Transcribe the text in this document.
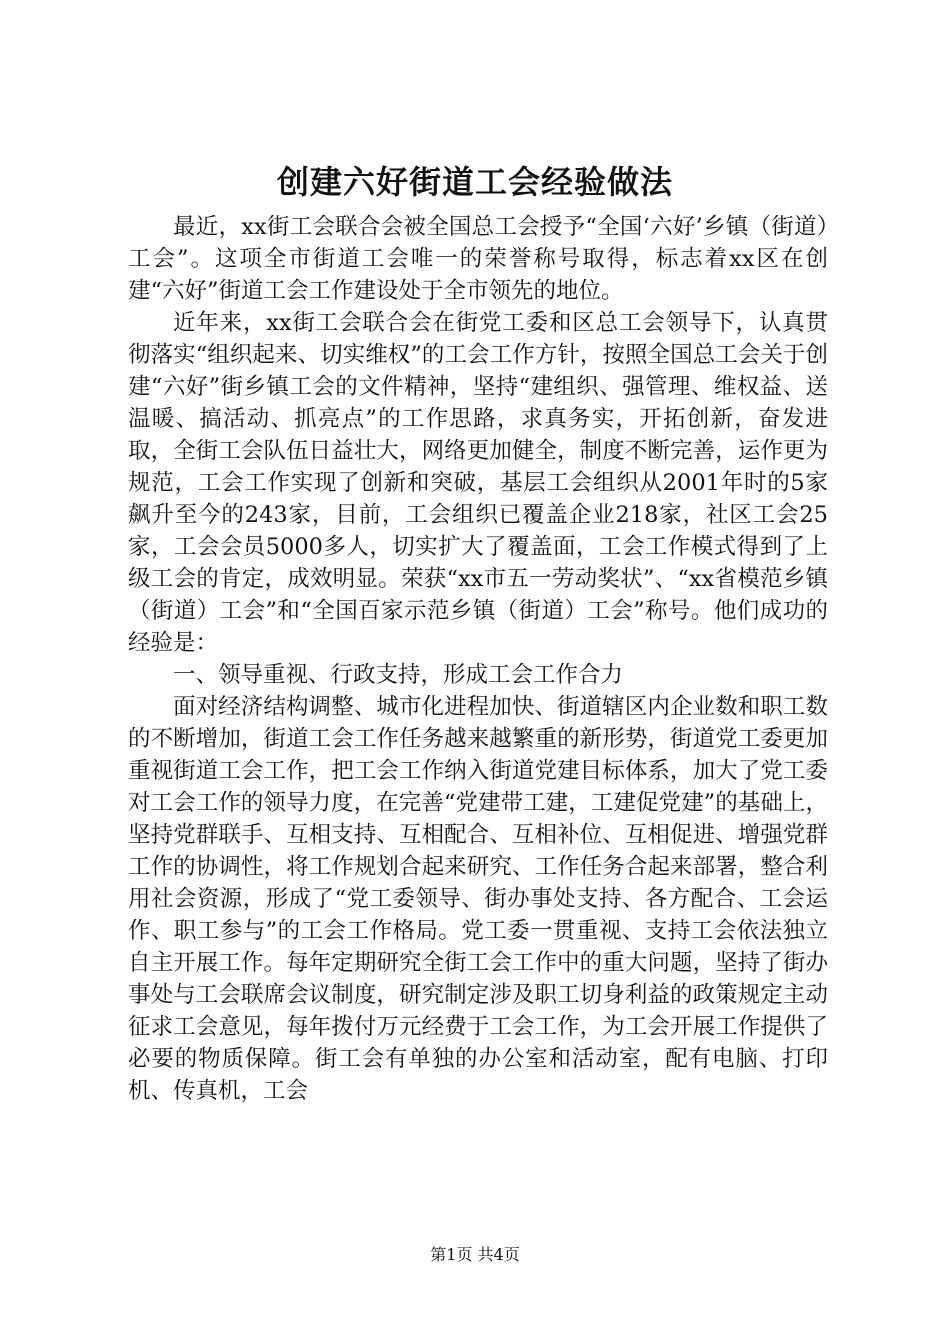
创建六好街道工会经验做法

最近，xx街工会联合会被全国总工会授予“全国‘六好’乡镇（街道）工会”。这项全市街道工会唯一的荣誉称号取得，标志着xx区在创建“六好”街道工会工作建设处于全市领先的地位。

近年来，xx街工会联合会在街党工委和区总工会领导下，认真贯彻落实“组织起来、切实维权”的工会工作方针，按照全国总工会关于创建“六好”街乡镇工会的文件精神，坚持“建组织、强管理、维权益、送温暖、搞活动、抓亮点”的工作思路，求真务实，开拓创新，奋发进取，全街工会队伍日益壮大，网络更加健全，制度不断完善，运作更为规范，工会工作实现了创新和突破，基层工会组织从2001年时的5家飙升至今的243家，目前，工会组织已覆盖企业218家，社区工会25家，工会会员5000多人，切实扩大了覆盖面，工会工作模式得到了上级工会的肯定，成效明显。荣获“xx市五一劳动奖状”、“xx省模范乡镇（街道）工会”和“全国百家示范乡镇（街道）工会”称号。他们成功的经验是：

一、领导重视、行政支持，形成工会工作合力

面对经济结构调整、城市化进程加快、街道辖区内企业数和职工数的不断增加，街道工会工作任务越来越繁重的新形势，街道党工委更加重视街道工会工作，把工会工作纳入街道党建目标体系，加大了党工委对工会工作的领导力度，在完善“党建带工建，工建促党建”的基础上，坚持党群联手、互相支持、互相配合、互相补位、互相促进、增强党群工作的协调性，将工作规划合起来研究、工作任务合起来部署，整合利用社会资源，形成了“党工委领导、街办事处支持、各方配合、工会运作、职工参与”的工会工作格局。党工委一贯重视、支持工会依法独立自主开展工作。每年定期研究全街工会工作中的重大问题，坚持了街办事处与工会联席会议制度，研究制定涉及职工切身利益的政策规定主动征求工会意见，每年拨付万元经费于工会工作，为工会开展工作提供了必要的物质保障。街工会有单独的办公室和活动室，配有电脑、打印机、传真机，工会

第1页 共4页
